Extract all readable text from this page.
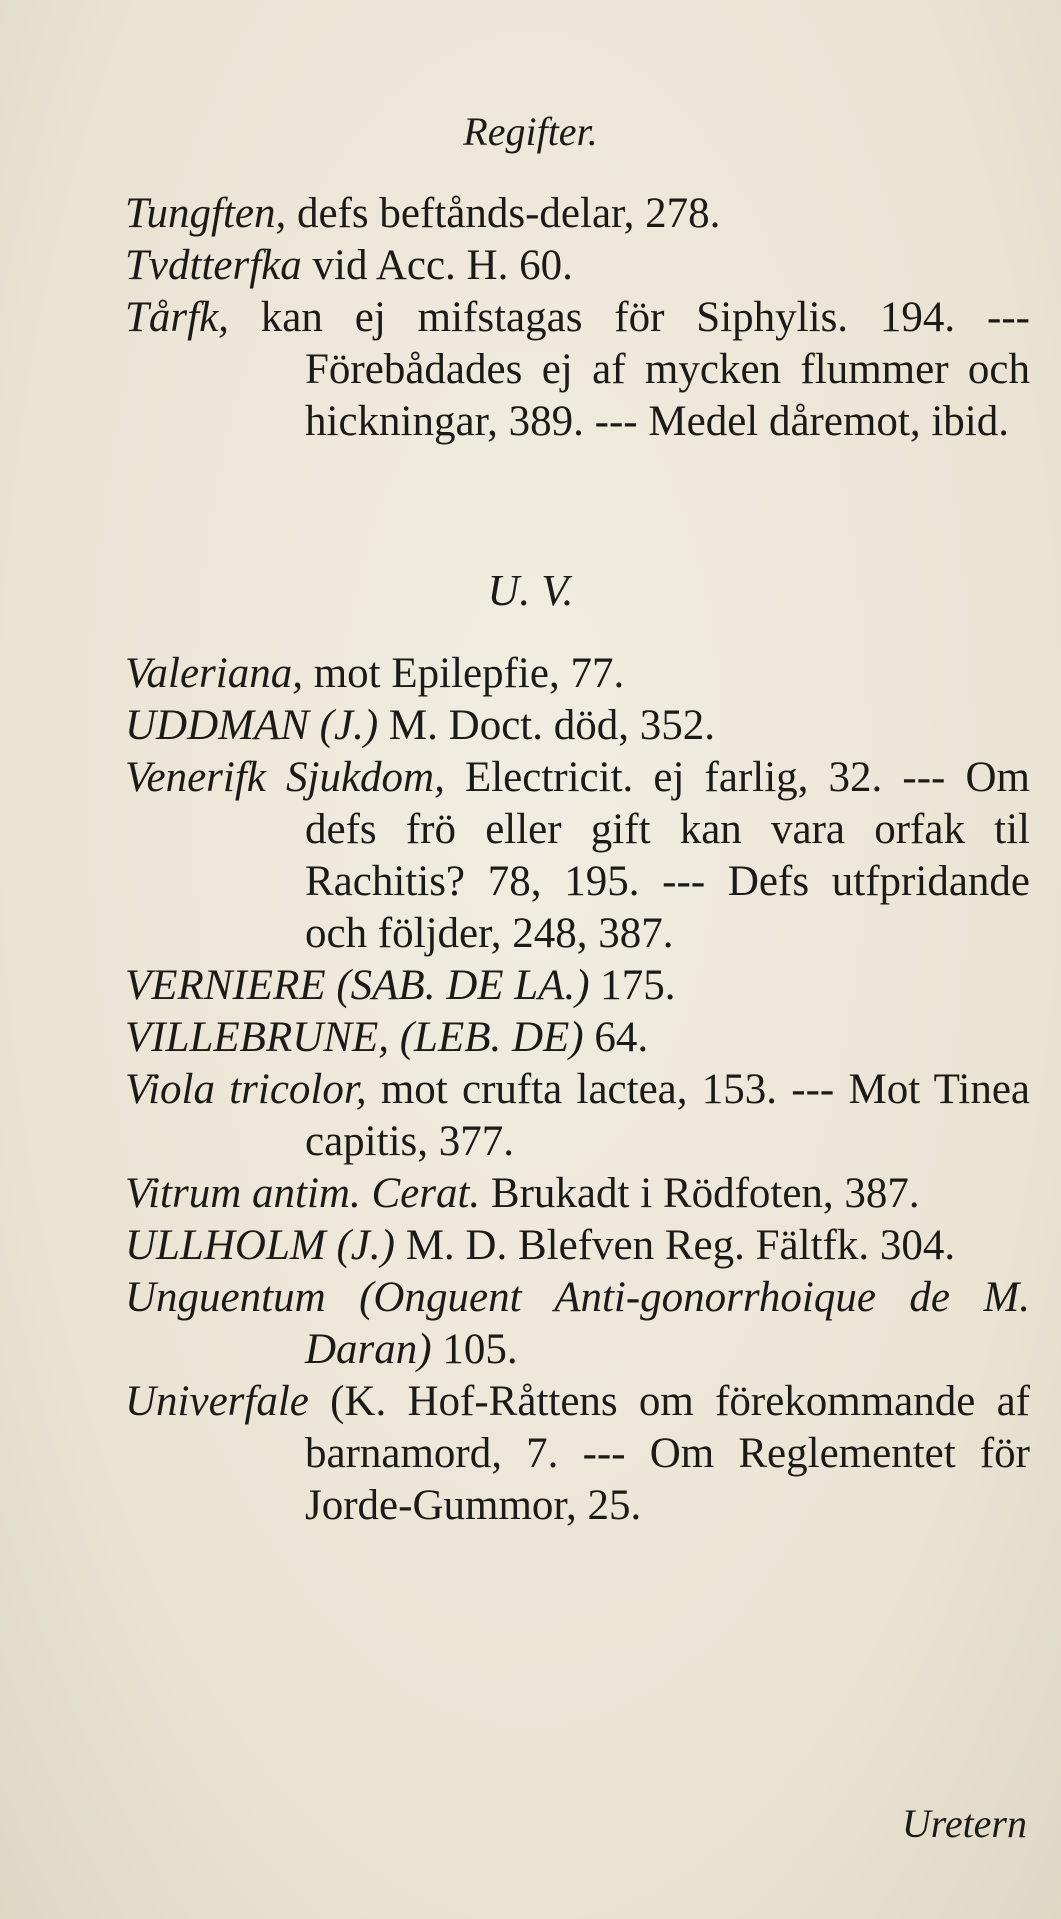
Regifter.
Tungften, defs beftånds-delar, 278.
Tvdtterfka vid Acc. H. 60.
Tårfk, kan ej mifstagas för Siphylis. 194. --- Förebådades ej af mycken flummer och hickningar, 389. --- Medel dåremot, ibid.
U. V.
Valeriana, mot Epilepfie, 77.
UDDMAN (J.) M. Doct. död, 352.
Venerifk Sjukdom, Electricit. ej farlig, 32. --- Om defs frö eller gift kan vara orfak til Rachitis? 78, 195. --- Defs utfpridande och följder, 248, 387.
VERNIERE (SAB. DE LA.) 175.
VILLEBRUNE, (LEB. DE) 64.
Viola tricolor, mot crufta lactea, 153. --- Mot Tinea capitis, 377.
Vitrum antim. Cerat. Brukadt i Rödfoten, 387.
ULLHOLM (J.) M. D. Blefven Reg. Fältfk. 304.
Unguentum (Onguent Anti-gonorrhoique de M. Daran) 105.
Univerfale (K. Hof-Råttens om förekommande af barnamord, 7. --- Om Reglementet för Jorde-Gummor, 25.
Uretern
